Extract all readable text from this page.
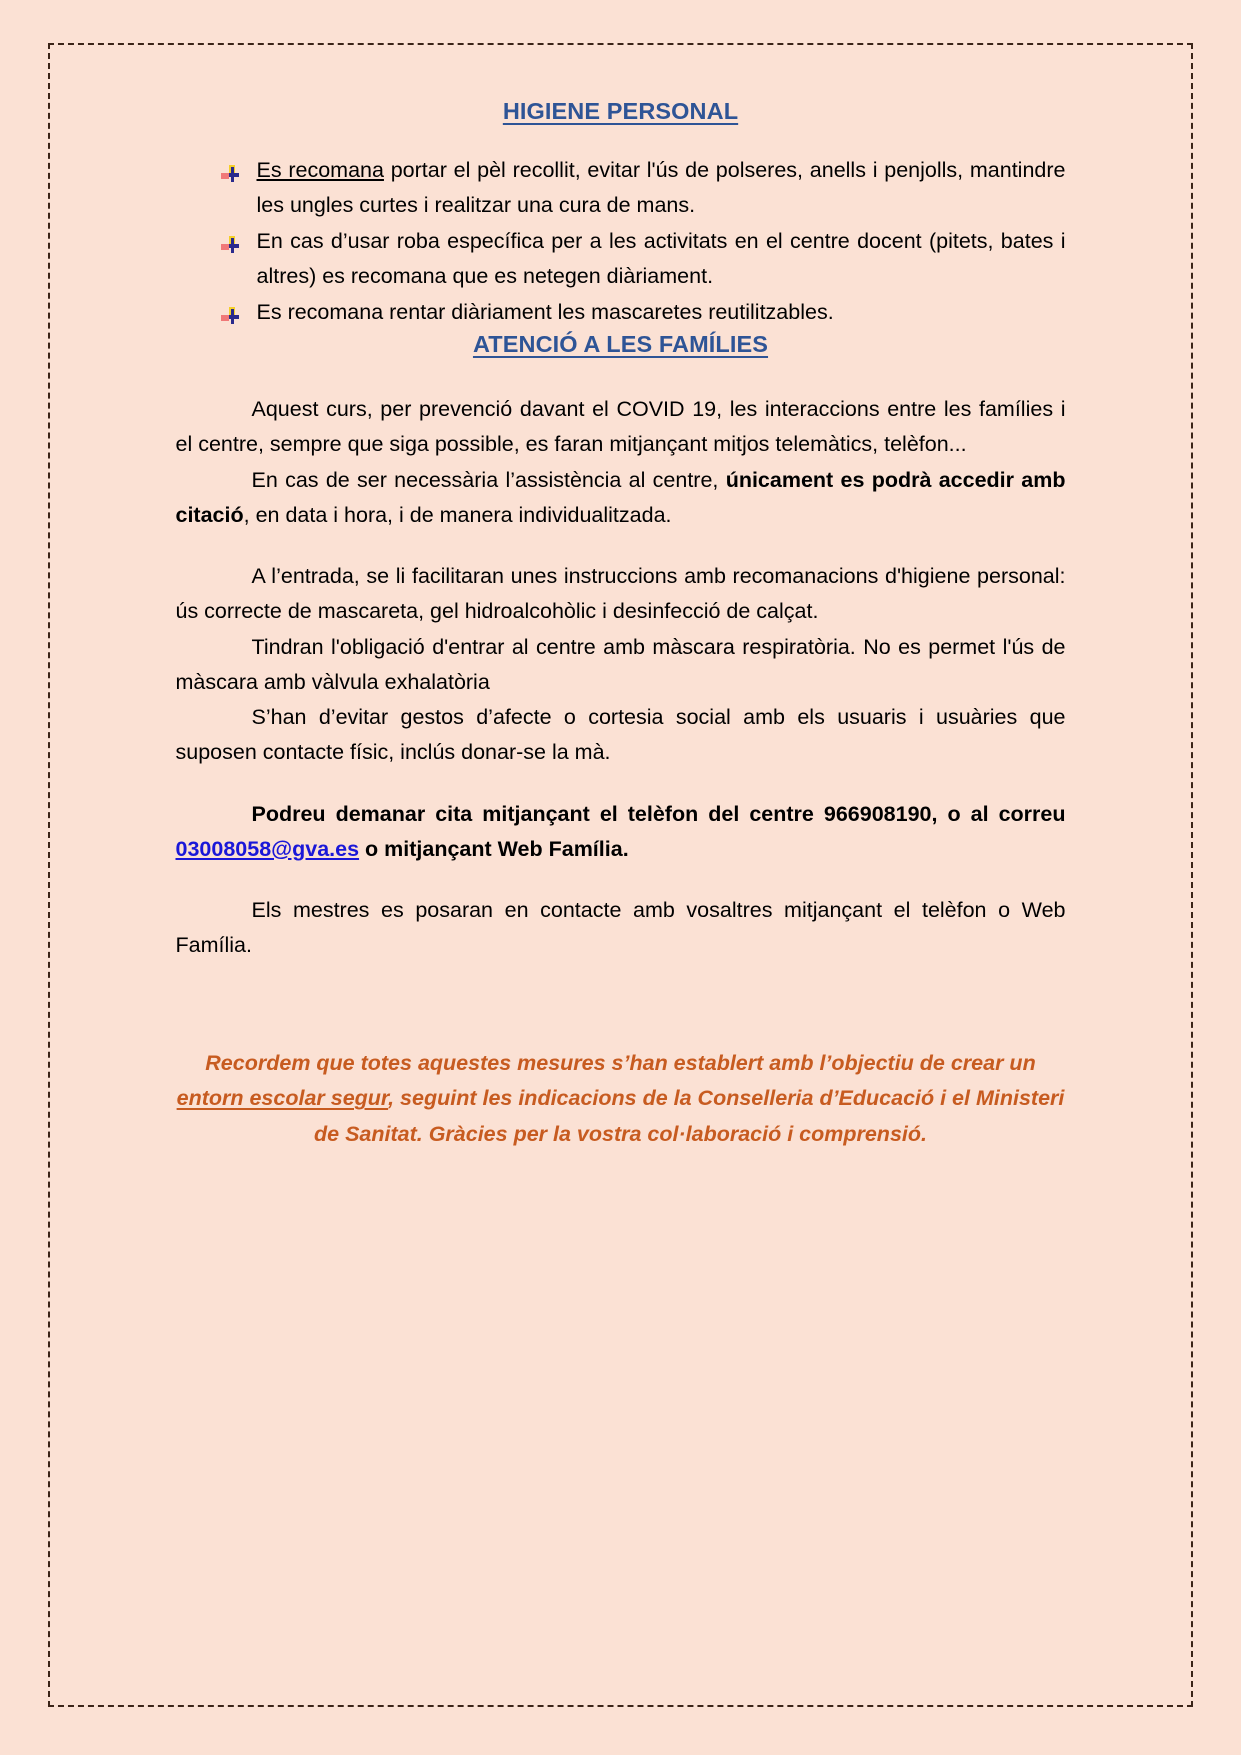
HIGIENE PERSONAL
Es recomana portar el pèl recollit, evitar l'ús de polseres, anells i penjolls, mantindre les ungles curtes i realitzar una cura de mans.
En cas d’usar roba específica per a les activitats en el centre docent (pitets, bates i altres) es recomana que es netegen diàriament.
Es recomana rentar diàriament les mascaretes reutilitzables.
ATENCIÓ A LES FAMÍLIES

Aquest curs, per prevenció davant el COVID 19, les interaccions entre les famílies i el centre, sempre que siga possible, es faran mitjançant mitjos telemàtics, telèfon...

En cas de ser necessària l’assistència al centre, únicament es podrà accedir amb citació, en data i hora, i de manera individualitzada.

A l’entrada, se li facilitaran unes instruccions amb recomanacions d'higiene personal: ús correcte de mascareta, gel hidroalcohòlic i desinfecció de calçat.

Tindran l'obligació d'entrar al centre amb màscara respiratòria. No es permet l'ús de màscara amb vàlvula exhalatòria

S’han d’evitar gestos d’afecte o cortesia social amb els usuaris i usuàries que suposen contacte físic, inclús donar-se la mà.

Podreu demanar cita mitjançant el telèfon del centre 966908190, o al correu 03008058@gva.es o mitjançant Web Família.

Els mestres es posaran en contacte amb vosaltres mitjançant el telèfon o Web Família.

Recordem que totes aquestes mesures s’han establert amb l’objectiu de crear un entorn escolar segur, seguint les indicacions de la Conselleria d’Educació i el Ministeri de Sanitat. Gràcies per la vostra col·laboració i comprensió.
